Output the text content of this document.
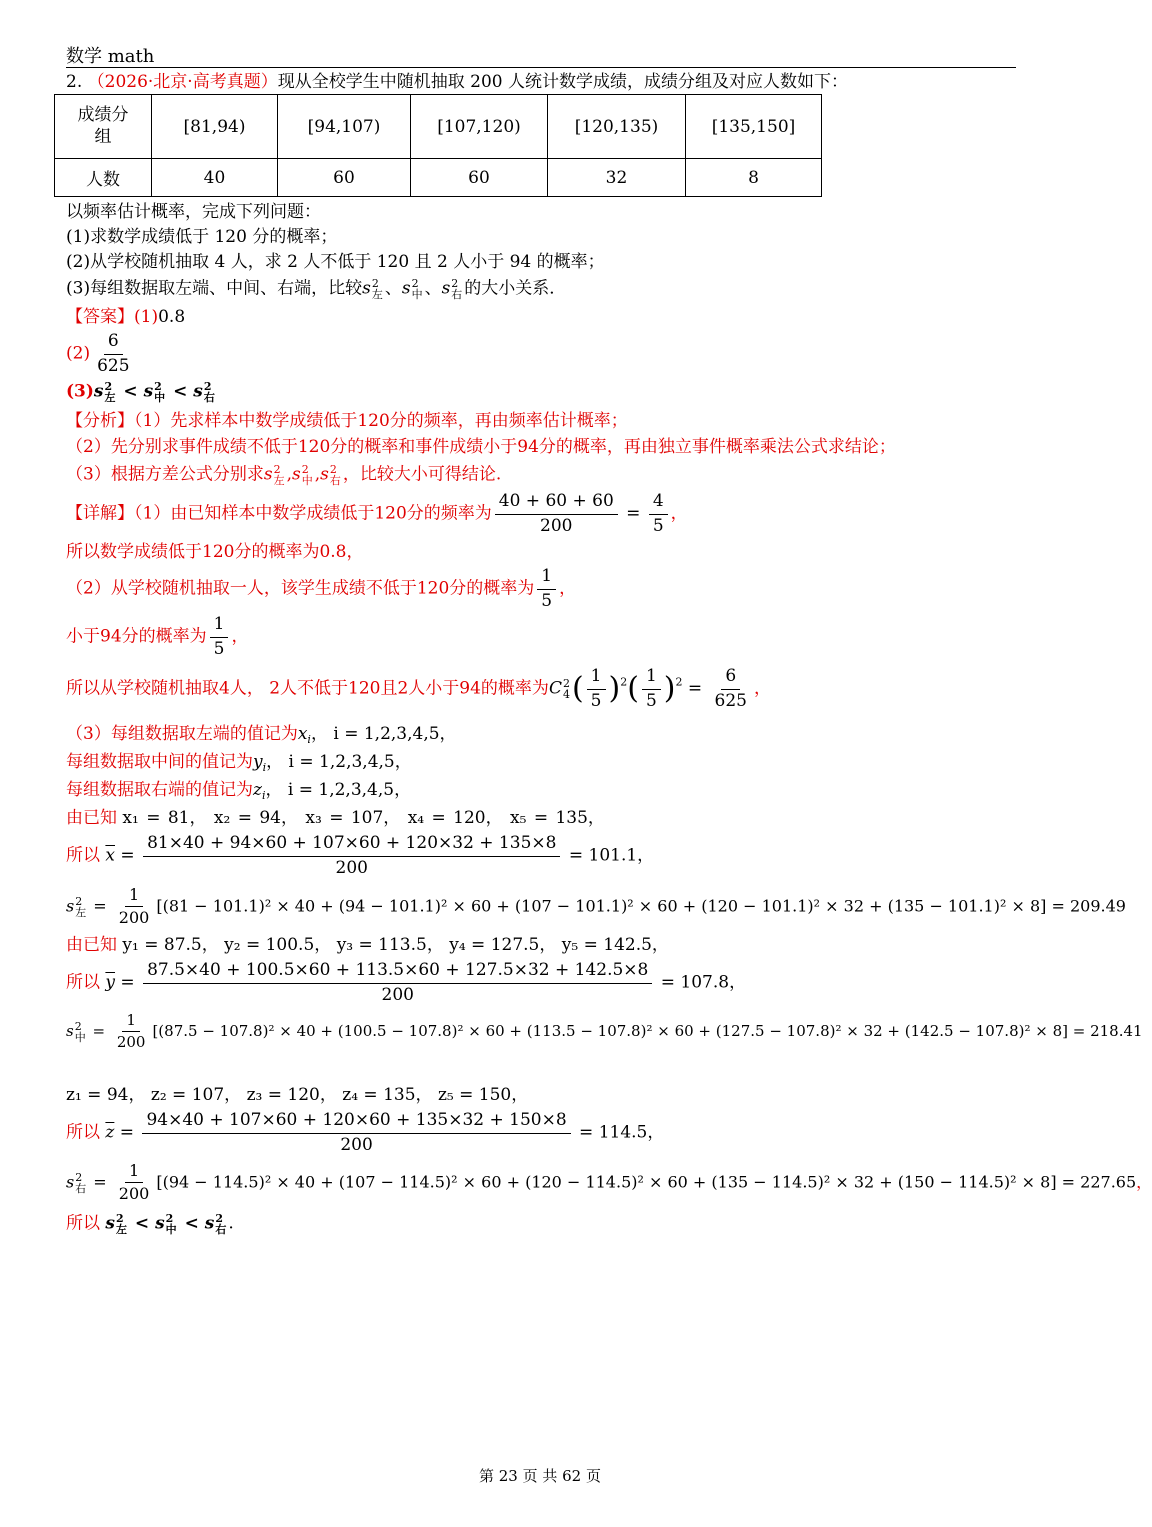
数学 math
2. （2026·北京·高考真题）现从全校学生中随机抽取 200 人统计数学成绩，成绩分组及对应人数如下：
成绩分组	[81,94)	[94,107)	[107,120)	[120,135)	[135,150]
人数	40	60	60	32	8
以频率估计概率，完成下列问题：
(1)求数学成绩低于 120 分的概率；
(2)从学校随机抽取 4 人，求 2 人不低于 120 且 2 人小于 94 的概率；
(3)每组数据取左端、中间、右端，比较s 2
左 、s 2
中 、s 2
右 的大小关系．
【答案】(1)0.8
$(2) \frac{6}{625}$
(3)s 2
左 < s 2
中 < s 2
右
【分析】（1）先求样本中数学成绩低于120分的频率，再由频率估计概率；
（2）先分别求事件成绩不低于120分的概率和事件成绩小于94分的概率，再由独立事件概率乘法公式求结论；
（3）根据方差公式分别求s 2
左 ,s 2
中 ,s 2
右 ，比较大小可得结论.
【详解】（1）由已知样本中数学成绩低于120分的频率为 $\frac{40 + 60 + 60}{200} = \frac{4}{5}$ ，
所以数学成绩低于120分的概率为0.8，
（2）从学校随机抽取一人，该学生成绩不低于120分的概率为 $\frac{1}{5}$ ，
小于94分的概率为 $\frac{1}{5}$ ，
所以从学校随机抽取4人， 2人不低于120且2人小于94的概率为C 2
4 ( $\frac{1}{5} )^2( \frac{1}{5} )^2 = \frac{6}{625}$ ，
（3）每组数据取左端的值记为$x_i$， i = 1,2,3,4,5，
每组数据取中间的值记为$y_i$， i = 1,2,3,4,5，
每组数据取右端的值记为$z_i$， i = 1,2,3,4,5，
由已知 x₁ = 81， x₂ = 94， x₃ = 107， x₄ = 120， x₅ = 135，
所以 $\overline{x} = \frac{81\times 40 + 94\times 60 + 107\times 60 + 120\times 32 + 135\times 8}{200} = 101.1$，
s 2
左 = $\frac{1}{200} [(81 - 101.1)^2 \times 40 + (94 - 101.1)^2 \times 60 + (107 - 101.1)^2 \times 60 + (120 - 101.1)^2 \times 32 + (135 - 101.1)^2 \times 8] = 209.49$
由已知 y₁ = 87.5， y₂ = 100.5， y₃ = 113.5， y₄ = 127.5， y₅ = 142.5，
所以 $\overline{y} = \frac{87.5\times 40 + 100.5\times 60 + 113.5\times 60 + 127.5\times 32 + 142.5\times 8}{200} = 107.8$，
s 2
中 = $\frac{1}{200} [(87.5 - 107.8)^2 \times 40 + (100.5 - 107.8)^2 \times 60 + (113.5 - 107.8)^2 \times 60 + (127.5 - 107.8)^2 \times 32 + (142.5 - 107.8)^2 \times 8] = 218.41$
z₁ = 94， z₂ = 107， z₃ = 120， z₄ = 135， z₅ = 150，
所以 $\overline{z} = \frac{94\times 40 + 107\times 60 + 120\times 60 + 135\times 32 + 150\times 8}{200} = 114.5$，
s 2
右 = $\frac{1}{200} [(94 - 114.5)^2 \times 40 + (107 - 114.5)^2 \times 60 + (120 - 114.5)^2 \times 60 + (135 - 114.5)^2 \times 32 + (150 - 114.5)^2 \times 8] = 227.65$，
所以 s 2
左 < s 2
中 < s 2
右 .
第 23 页 共 62 页
